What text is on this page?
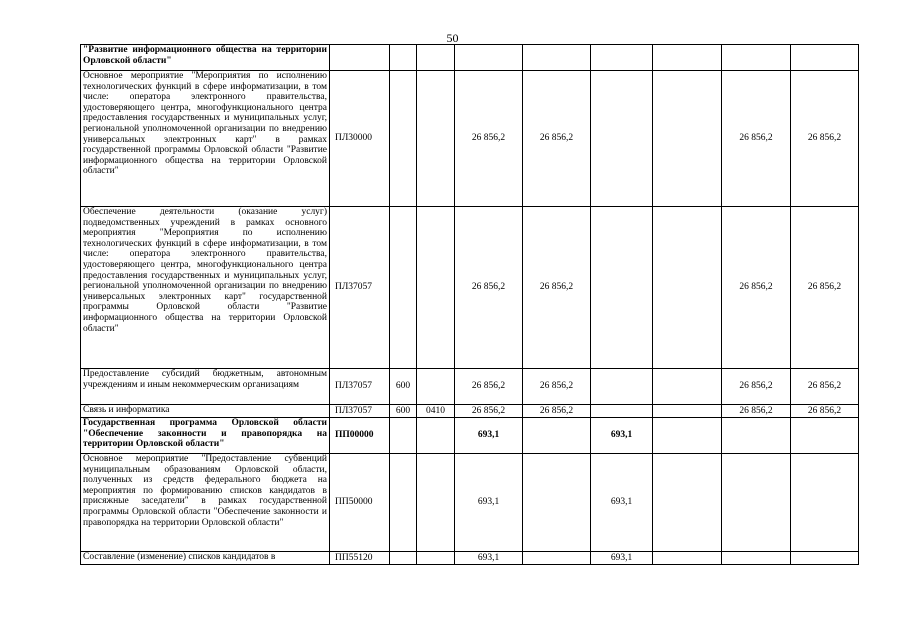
50
"Развитие информационного общества на территории Орловской области"									
Основное мероприятие "Мероприятия по исполнению технологических функций в сфере информатизации, в том числе: оператора электронного правительства, удостоверяющего центра, многофункционального центра предоставления государственных и муниципальных услуг, региональной уполномоченной организации по внедрению универсальных электронных карт" в рамках государственной программы Орловской области "Развитие информационного общества на территории Орловской области"	ПЛ30000			26 856,2	26 856,2			26 856,2	26 856,2
Обеспечение деятельности (оказание услуг) подведомственных учреждений в рамках основного мероприятия "Мероприятия по исполнению технологических функций в сфере информатизации, в том числе: оператора электронного правительства, удостоверяющего центра, многофункционального центра предоставления государственных и муниципальных услуг, региональной уполномоченной организации по внедрению универсальных электронных карт" государственной программы Орловской области "Развитие информационного общества на территории Орловской области"	ПЛ37057			26 856,2	26 856,2			26 856,2	26 856,2
Предоставление субсидий бюджетным, автономным учреждениям и иным некоммерческим организациям	ПЛ37057	600		26 856,2	26 856,2			26 856,2	26 856,2
Связь и информатика	ПЛ37057	600	0410	26 856,2	26 856,2			26 856,2	26 856,2
Государственная программа Орловской области "Обеспечение законности и правопорядка на территории Орловской области"	ПП00000			693,1		693,1			
Основное мероприятие "Предоставление субвенций муниципальным образованиям Орловской области, полученных из средств федерального бюджета на мероприятия по формированию списков кандидатов в присяжные заседатели" в рамках государственной программы Орловской области "Обеспечение законности и правопорядка на территории Орловской области"	ПП50000			693,1		693,1			
Составление (изменение) списков кандидатов в	ПП55120			693,1		693,1			
